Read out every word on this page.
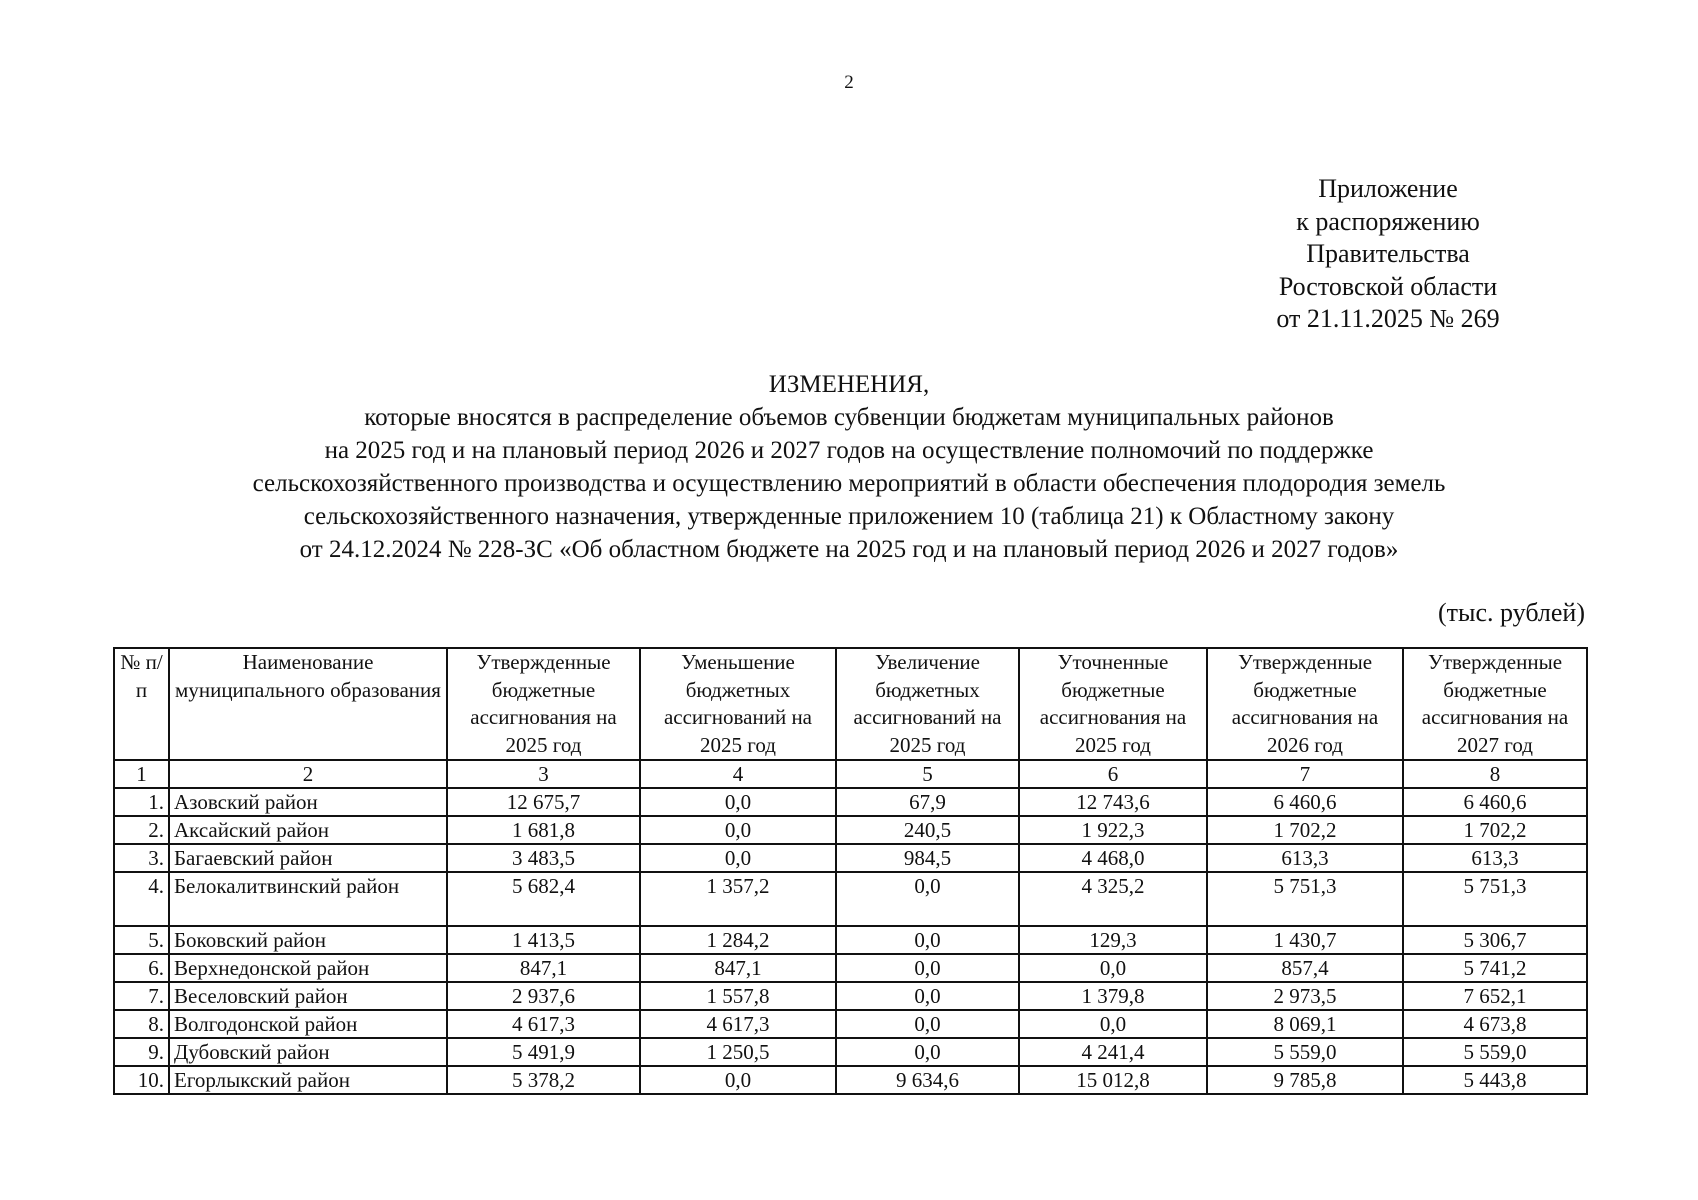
2
Приложение
к распоряжению
Правительства
Ростовской области
от 21.11.2025 № 269
ИЗМЕНЕНИЯ,
которые вносятся в распределение объемов субвенции бюджетам муниципальных районов
на 2025 год и на плановый период 2026 и 2027 годов на осуществление полномочий по поддержке
сельскохозяйственного производства и осуществлению мероприятий в области обеспечения плодородия земель
сельскохозяйственного назначения, утвержденные приложением 10 (таблица 21) к Областному закону
от 24.12.2024 № 228-ЗС «Об областном бюджете на 2025 год и на плановый период 2026 и 2027 годов»
(тыс. рублей)
№ п/п	Наименование муниципального образования	Утвержденные бюджетные ассигнования на 2025 год	Уменьшение бюджетных ассигнований на 2025 год	Увеличение бюджетных ассигнований на 2025 год	Уточненные бюджетные ассигнования на 2025 год	Утвержденные бюджетные ассигнования на 2026 год	Утвержденные бюджетные ассигнования на 2027 год
1	2	3	4	5	6	7	8
1.	Азовский район	12 675,7	0,0	67,9	12 743,6	6 460,6	6 460,6
2.	Аксайский район	1 681,8	0,0	240,5	1 922,3	1 702,2	1 702,2
3.	Багаевский район	3 483,5	0,0	984,5	4 468,0	613,3	613,3
4.	Белокалитвинский район	5 682,4	1 357,2	0,0	4 325,2	5 751,3	5 751,3
5.	Боковский район	1 413,5	1 284,2	0,0	129,3	1 430,7	5 306,7
6.	Верхнедонской район	847,1	847,1	0,0	0,0	857,4	5 741,2
7.	Веселовский район	2 937,6	1 557,8	0,0	1 379,8	2 973,5	7 652,1
8.	Волгодонской район	4 617,3	4 617,3	0,0	0,0	8 069,1	4 673,8
9.	Дубовский район	5 491,9	1 250,5	0,0	4 241,4	5 559,0	5 559,0
10.	Егорлыкский район	5 378,2	0,0	9 634,6	15 012,8	9 785,8	5 443,8
